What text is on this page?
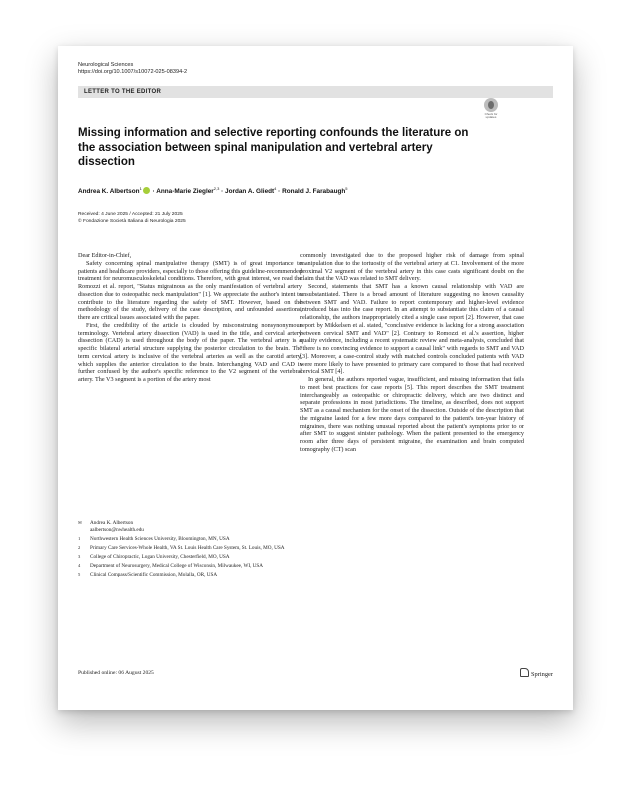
Neurological Sciences
https://doi.org/10.1007/s10072-025-08394-2
LETTER TO THE EDITOR
Check for updates
Missing information and selective reporting confounds the literature on the association between spinal manipulation and vertebral artery dissection
Andrea K. Albertson$^1$ · Anna-Marie Ziegler$^{2,3}$ · Jordan A. Gliedt$^4$ · Ronald J. Farabaugh$^5$
Received: 4 June 2025 / Accepted: 21 July 2025
© Fondazione Società Italiana di Neurologia 2025

Dear Editor-in-Chief,

Safety concerning spinal manipulative therapy (SMT) is of great importance to patients and healthcare providers, especially to those offering this guideline-recommended treatment for neuromusculoskeletal conditions. Therefore, with great interest, we read the Romozzi et al. report, "Status migrainous as the only manifestation of vertebral artery dissection due to osteopathic neck manipulation" [1]. We appreciate the author's intent to contribute to the literature regarding the safety of SMT. However, based on the methodology of the study, delivery of the case description, and unfounded assertions, there are critical issues associated with the paper.

First, the credibility of the article is clouded by misconstruing nonsynonymous terminology. Vertebral artery dissection (VAD) is used in the title, and cervical artery dissection (CAD) is used throughout the body of the paper. The vertebral artery is a specific bilateral arterial structure supplying the posterior circulation to the brain. The term cervical artery is inclusive of the vertebral arteries as well as the carotid artery, which supplies the anterior circulation to the brain. Interchanging VAD and CAD is further confused by the author's specific reference to the V2 segment of the vertebral artery. The V3 segment is a portion of the artery most

commonly investigated due to the proposed higher risk of damage from spinal manipulation due to the tortuosity of the vertebral artery at C1. Involvement of the more proximal V2 segment of the vertebral artery in this case casts significant doubt on the claim that the VAD was related to SMT delivery.

Second, statements that SMT has a known causal relationship with VAD are unsubstantiated. There is a broad amount of literature suggesting no known causality between SMT and VAD. Failure to report contemporary and higher-level evidence introduced bias into the case report. In an attempt to substantiate this claim of a causal relationship, the authors inappropriately cited a single case report [2]. However, that case report by Mikkelsen et al. stated, "conclusive evidence is lacking for a strong association between cervical SMT and VAD" [2]. Contrary to Romozzi et al.'s assertion, higher quality evidence, including a recent systematic review and meta-analysis, concluded that "there is no convincing evidence to support a causal link" with regards to SMT and VAD [3]. Moreover, a case-control study with matched controls concluded patients with VAD were more likely to have presented to primary care compared to those that had received cervical SMT [4].

In general, the authors reported vague, insufficient, and missing information that fails to meet best practices for case reports [5]. This report describes the SMT treatment interchangeably as osteopathic or chiropractic delivery, which are two distinct and separate professions in most jurisdictions. The timeline, as described, does not support SMT as a causal mechanism for the onset of the dissection. Outside of the description that the migraine lasted for a few more days compared to the patient's ten-year history of migraines, there was nothing unusual reported about the patient's symptoms prior to or after SMT to suggest sinister pathology. When the patient presented to the emergency room after three days of persistent migraine, the examination and brain computed tomography (CT) scan

✉	Andrea K. Albertson
aalbertson@nwhealth.edu
1	Northwestern Health Sciences University, Bloomington, MN, USA
2	Primary Care Services-Whole Health, VA St. Louis Health Care System, St. Louis, MO, USA
3	College of Chiropractic, Logan University, Chesterfield, MO, USA
4	Department of Neurosurgery, Medical College of Wisconsin, Milwaukee, WI, USA
5	Clinical Compass/Scientific Commission, Molalla, OR, USA
Published online: 06 August 2025	Springer
